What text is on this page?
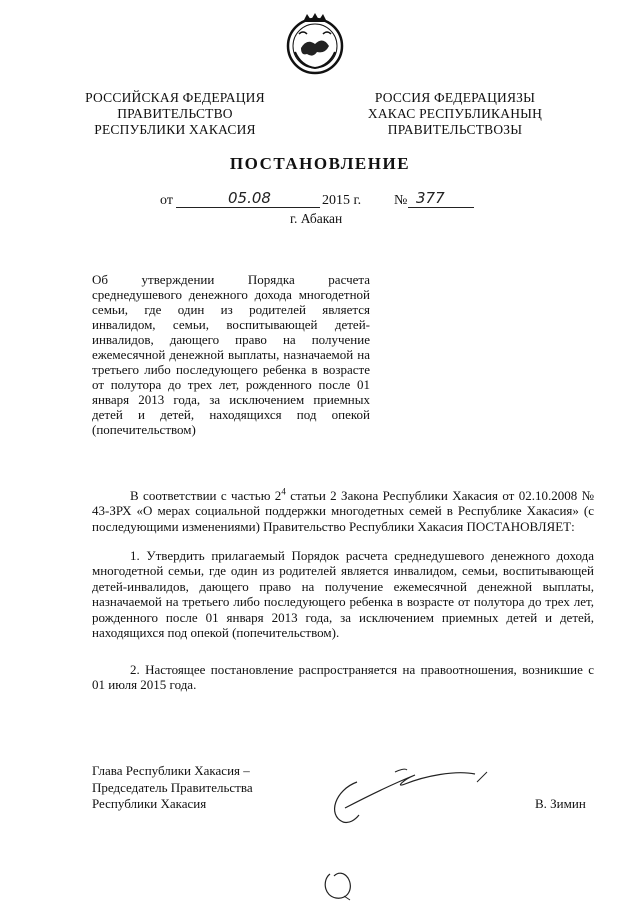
РОССИЙСКАЯ ФЕДЕРАЦИЯ
ПРАВИТЕЛЬСТВО
РЕСПУБЛИКИ ХАКАСИЯ
РОССИЯ ФЕДЕРАЦИЯЗЫ
ХАКАС РЕСПУБЛИКАНЫҢ
ПРАВИТЕЛЬСТВОЗЫ
ПОСТАНОВЛЕНИЕ
от	05.08	2015 г. № 377
г. Абакан
Об утверждении Порядка расчета среднедушевого денежного дохода многодетной семьи, где один из родителей является инвалидом, семьи, воспитывающей детей-инвалидов, дающего право на получение ежемесячной денежной выплаты, назначаемой на третьего либо последующего ребенка в возрасте от полутора до трех лет, рожденного после 01 января 2013 года, за исключением приемных детей и детей, находящихся под опекой (попечительством)
В соответствии с частью $2^4$ статьи 2 Закона Республики Хакасия от 02.10.2008 № 43-ЗРХ «О мерах социальной поддержки многодетных семей в Республике Хакасия» (с последующими изменениями) Правительство Республики Хакасия ПОСТАНОВЛЯЕТ:
1. Утвердить прилагаемый Порядок расчета среднедушевого денежного дохода многодетной семьи, где один из родителей является инвалидом, семьи, воспитывающей детей-инвалидов, дающего право на получение ежемесячной денежной выплаты, назначаемой на третьего либо последующего ребенка в возрасте от полутора до трех лет, рожденного после 01 января 2013 года, за исключением приемных детей и детей, находящихся под опекой (попечительством).
2. Настоящее постановление распространяется на правоотношения, возникшие с 01 июля 2015 года.
Глава Республики Хакасия –
Председатель Правительства
Республики Хакасия	В. Зимин
